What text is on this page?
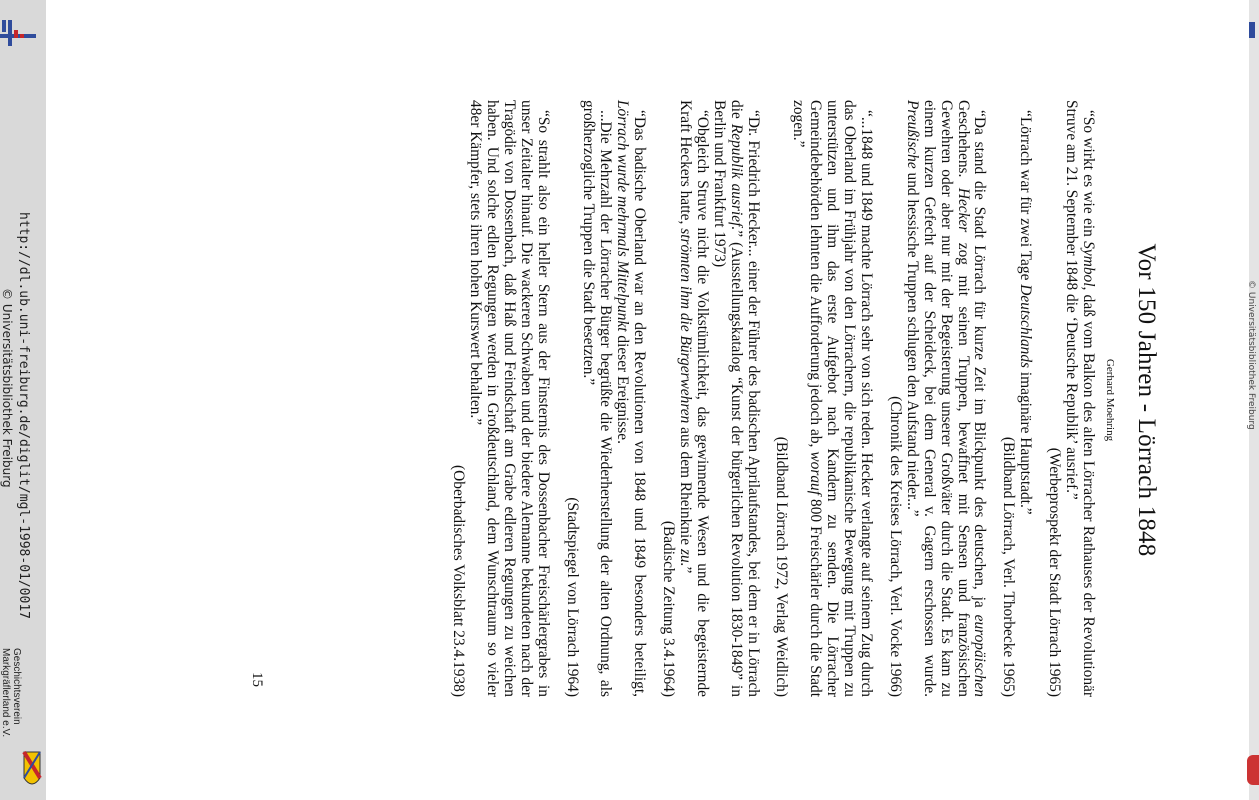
http://dl.ub.uni-freiburg.de/diglit/mgl-1998-01/0017
© Universitätsbibliothek Freiburg
Geschichtsverein
Markgräflerland e.V.
© Universitätsbibliothek Freiburg
Vor 150 Jahren - Lörrach 1848
Gerhard Moehring

“So wirkt es wie ein Symbol, daß vom Balkon des alten Lörracher Rathauses der Revolutionär Struve am 21. September 1848 die ‘Deutsche Republik’ ausrief.”

(Werbeprospekt der Stadt Lörrach 1965)

“Lörrach war für zwei Tage Deutschlands imaginäre Hauptstadt.”

(Bildband Lörrach, Verl. Thorbecke 1965)

“Da stand die Stadt Lörrach für kurze Zeit im Blickpunkt des deutschen, ja europäischen Geschehens. Hecker zog mit seinen Truppen, bewaffnet mit Sensen und französischen Gewehren oder aber nur mit der Begeisterung unserer Großväter durch die Stadt. Es kam zu einem kurzen Gefecht auf der Scheideck, bei dem General v. Gagern erschossen wurde. Preußische und hessische Truppen schlugen den Aufstand nieder...”

(Chronik des Kreises Lörrach, Verl. Vocke 1966)

“...1848 und 1849 machte Lörrach sehr von sich reden. Hecker verlangte auf seinem Zug durch das Oberland im Frühjahr von den Lörrachern, die republikanische Bewegung mit Truppen zu unterstützen und ihm das erste Aufgebot nach Kandern zu senden. Die Lörracher Gemeindebehörden lehnten die Aufforderung jedoch ab, worauf 800 Freischärler durch die Stadt zogen.”

(Bildband Lörrach 1972, Verlag Weidlich)

“Dr. Friedrich Hecker... einer der Führer des badischen Aprilaufstandes, bei dem er in Lörrach die Republik ausrief.” (Ausstellungskatalog “Kunst der bürgerlichen Revolution 1830-1849” in Berlin und Frankfurt 1973)

“Obgleich Struve nicht die Volkstümlichkeit, das gewinnende Wesen und die begeisternde Kraft Heckers hatte, strömten ihm die Bürgerwehren aus dem Rheinknie zu.”

(Badische Zeitung 3.4.1964)

“Das badische Oberland war an den Revolutionen von 1848 und 1849 besonders beteiligt, Lörrach wurde mehrmals Mittelpunkt dieser Ereignisse.

...Die Mehrzahl der Lörracher Bürger begrüßte die Wiederherstellung der alten Ordnung, als großherzogliche Truppen die Stadt besetzten.”

(Stadtspiegel von Lörrach 1964)

“So strahlt also ein heller Stern aus der Finsternis des Dossenbacher Freischärlergrabes in unser Zeitalter hinauf. Die wackeren Schwaben und der biedere Alemanne bekundeten nach der Tragödie von Dossenbach, daß Haß und Feindschaft am Grabe edleren Regungen zu weichen haben. Und solche edlen Regungen werden in Großdeutschland, dem Wunschtraum so vieler 48er Kämpfer, stets ihren hohen Kurswert behalten.”

(Oberbadisches Volksblatt 23.4.1938)

15
